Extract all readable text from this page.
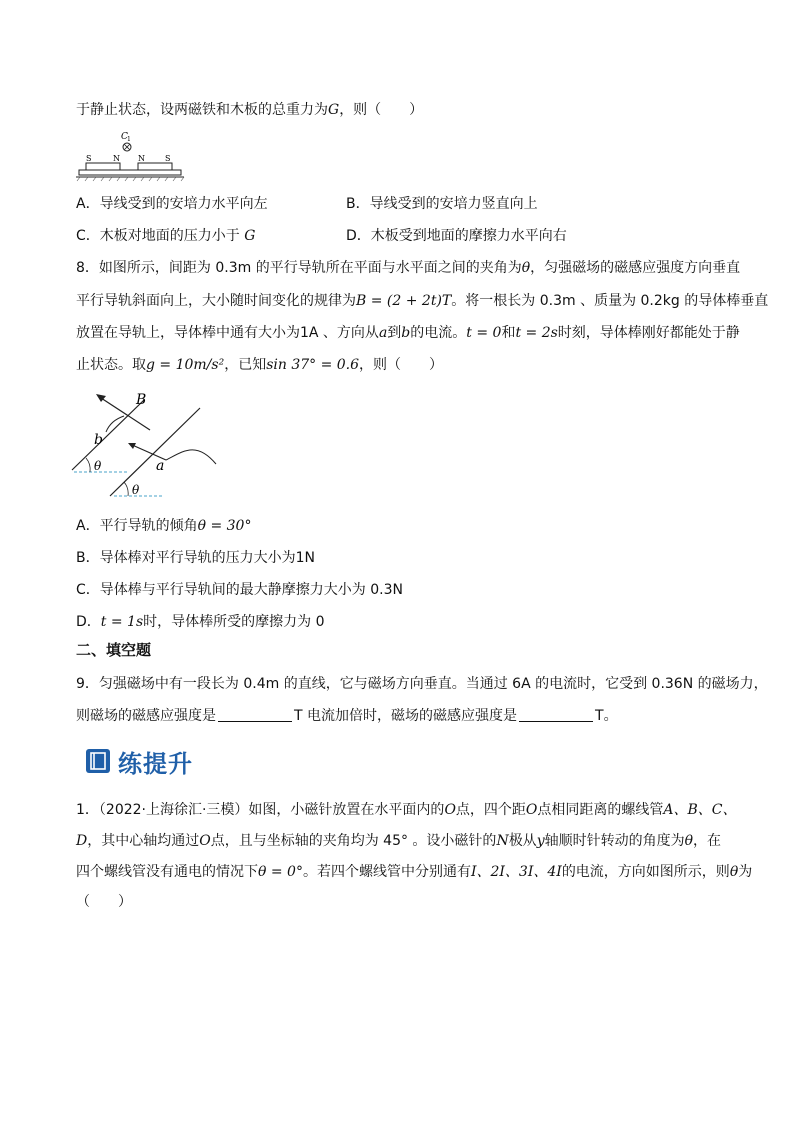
于静止状态，设两磁铁和木板的总重力为G，则（　　）
C 1
S	N N	S
A．导线受到的安培力水平向左	B．导线受到的安培力竖直向上
C．木板对地面的压力小于 G	D．木板受到地面的摩擦力水平向右
8．如图所示，间距为 0.3m 的平行导轨所在平面与水平面之间的夹角为θ，匀强磁场的磁感应强度方向垂直
平行导轨斜面向上，大小随时间变化的规律为B = (2 + 2t)T。将一根长为 0.3m 、质量为 0.2kg 的导体棒垂直
放置在导轨上，导体棒中通有大小为1A 、方向从a到b的电流。t = 0和t = 2s时刻，导体棒刚好都能处于静
止状态。取g = 10m/s²，已知sin 37° = 0.6，则（　　）
B
b
a
θ
θ
A．平行导轨的倾角θ = 30°
B．导体棒对平行导轨的压力大小为1N
C．导体棒与平行导轨间的最大静摩擦力大小为 0.3N
D．t = 1s时，导体棒所受的摩擦力为 0
二、填空题
9．匀强磁场中有一段长为 0.4m 的直线，它与磁场方向垂直。当通过 6A 的电流时，它受到 0.36N 的磁场力，
则磁场的磁感应强度是	T 电流加倍时，磁场的磁感应强度是	T。
练提升
1．（2022·上海徐汇·三模）如图，小磁针放置在水平面内的O点，四个距O点相同距离的螺线管A、B、C、
D，其中心轴均通过O点，且与坐标轴的夹角均为 45° 。设小磁针的N极从y轴顺时针转动的角度为θ，在
四个螺线管没有通电的情况下θ = 0°。若四个螺线管中分别通有I、2I、3I、4I的电流，方向如图所示，则θ为
（　　）
